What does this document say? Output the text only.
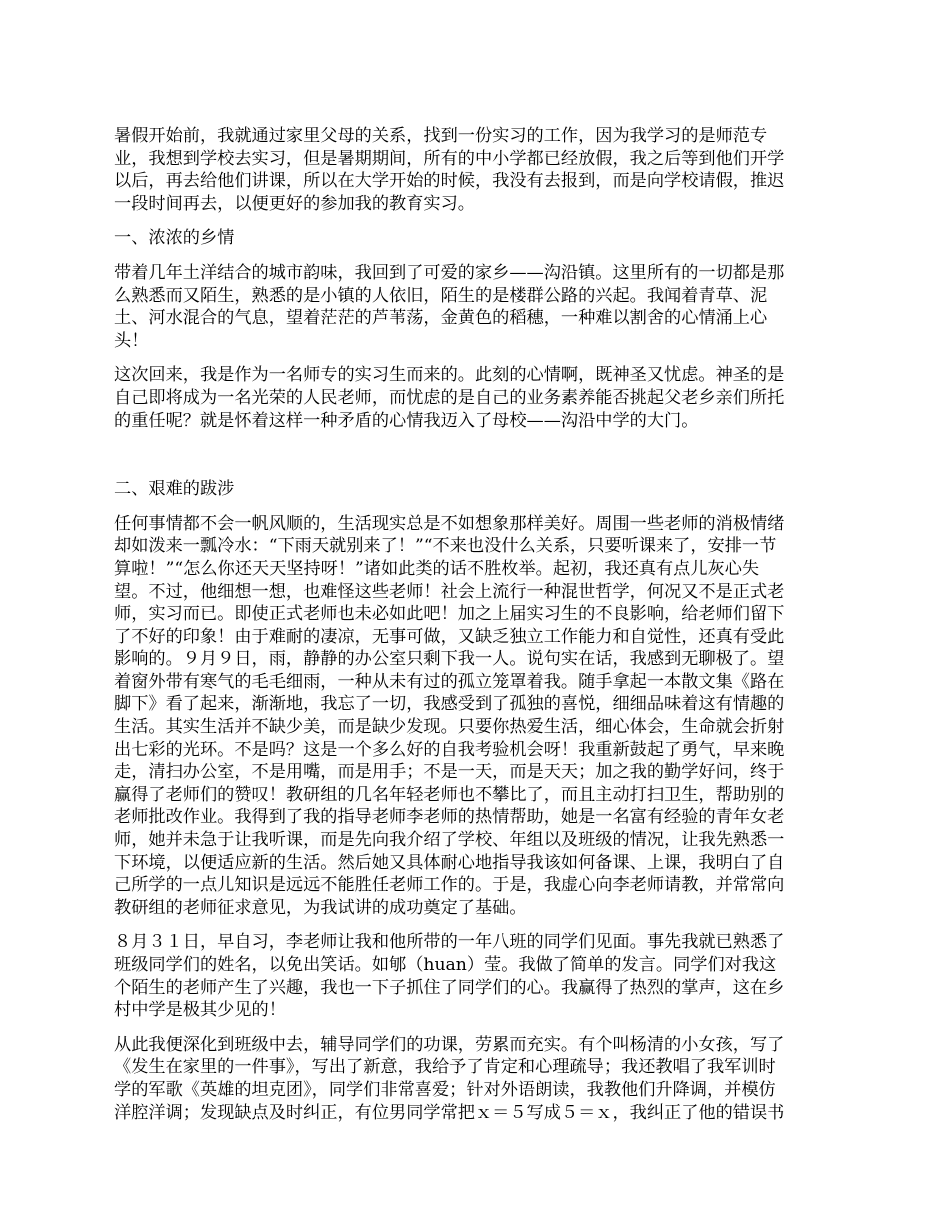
暑假开始前，我就通过家里父母的关系，找到一份实习的工作，因为我学习的是师范专
业，我想到学校去实习，但是暑期期间，所有的中小学都已经放假，我之后等到他们开学
以后，再去给他们讲课，所以在大学开始的时候，我没有去报到，而是向学校请假，推迟
一段时间再去，以便更好的参加我的教育实习。

一、浓浓的乡情

带着几年土洋结合的城市韵味，我回到了可爱的家乡——沟沿镇。这里所有的一切都是那
么熟悉而又陌生，熟悉的是小镇的人依旧，陌生的是楼群公路的兴起。我闻着青草、泥
土、河水混合的气息，望着茫茫的芦苇荡，金黄色的稻穗，一种难以割舍的心情涌上心
头！

这次回来，我是作为一名师专的实习生而来的。此刻的心情啊，既神圣又忧虑。神圣的是
自己即将成为一名光荣的人民老师，而忧虑的是自己的业务素养能否挑起父老乡亲们所托
的重任呢？就是怀着这样一种矛盾的心情我迈入了母校——沟沿中学的大门。

二、艰难的跋涉

任何事情都不会一帆风顺的，生活现实总是不如想象那样美好。周围一些老师的消极情绪
却如泼来一瓢冷水：“下雨天就别来了！”“不来也没什么关系，只要听课来了，安排一节
算啦！”“怎么你还天天坚持呀！”诸如此类的话不胜枚举。起初，我还真有点儿灰心失
望。不过，他细想一想，也难怪这些老师！社会上流行一种混世哲学，何况又不是正式老
师，实习而已。即使正式老师也未必如此吧！加之上届实习生的不良影响，给老师们留下
了不好的印象！由于难耐的凄凉，无事可做，又缺乏独立工作能力和自觉性，还真有受此
影响的。９月９日，雨，静静的办公室只剩下我一人。说句实在话，我感到无聊极了。望
着窗外带有寒气的毛毛细雨，一种从未有过的孤立笼罩着我。随手拿起一本散文集《路在
脚下》看了起来，渐渐地，我忘了一切，我感受到了孤独的喜悦，细细品味着这有情趣的
生活。其实生活并不缺少美，而是缺少发现。只要你热爱生活，细心体会，生命就会折射
出七彩的光环。不是吗？这是一个多么好的自我考验机会呀！我重新鼓起了勇气，早来晚
走，清扫办公室，不是用嘴，而是用手；不是一天，而是天天；加之我的勤学好问，终于
赢得了老师们的赞叹！教研组的几名年轻老师也不攀比了，而且主动打扫卫生，帮助别的
老师批改作业。我得到了我的指导老师李老师的热情帮助，她是一名富有经验的青年女老
师，她并未急于让我听课，而是先向我介绍了学校、年组以及班级的情况，让我先熟悉一
下环境，以便适应新的生活。然后她又具体耐心地指导我该如何备课、上课，我明白了自
己所学的一点儿知识是远远不能胜任老师工作的。于是，我虚心向李老师请教，并常常向
教研组的老师征求意见，为我试讲的成功奠定了基础。

８月３１日，早自习，李老师让我和他所带的一年八班的同学们见面。事先我就已熟悉了
班级同学们的姓名，以免出笑话。如郇（huan）莹。我做了简单的发言。同学们对我这
个陌生的老师产生了兴趣，我也一下子抓住了同学们的心。我赢得了热烈的掌声，这在乡
村中学是极其少见的！

从此我便深化到班级中去，辅导同学们的功课，劳累而充实。有个叫杨清的小女孩，写了
《发生在家里的一件事》，写出了新意，我给予了肯定和心理疏导；我还教唱了我军训时
学的军歌《英雄的坦克团》，同学们非常喜爱；针对外语朗读，我教他们升降调，并模仿
洋腔洋调；发现缺点及时纠正，有位男同学常把ｘ＝５写成５＝ｘ，我纠正了他的错误书
